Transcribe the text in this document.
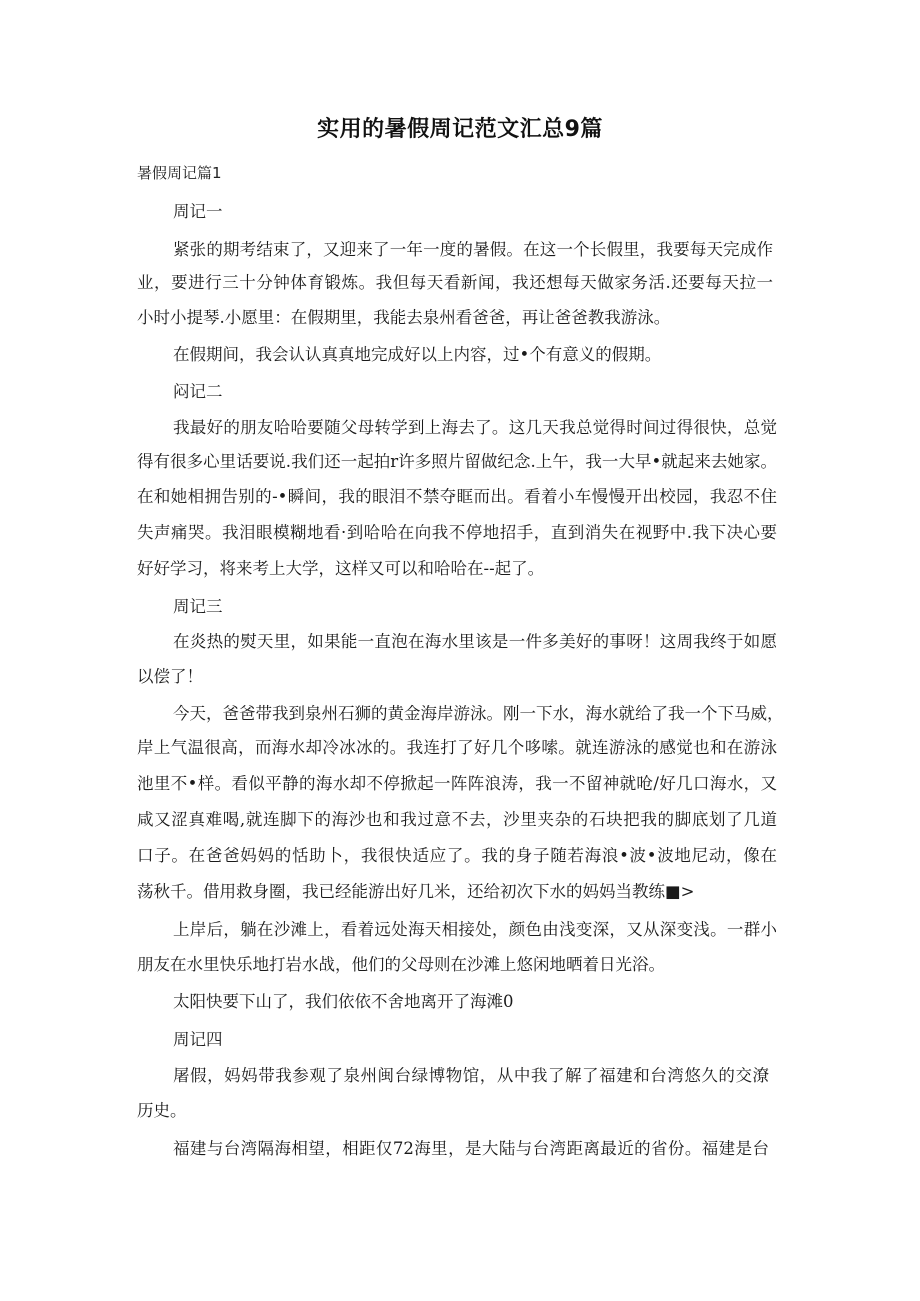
实用的暑假周记范文汇总9篇
暑假周记篇1
周记一
紧张的期考结束了，又迎来了一年一度的暑假。在这一个长假里，我要每天完成作
业，要进行三十分钟体育锻炼。我但每天看新闻，我还想每天做家务活.还要每天拉一
小时小提琴.小愿里：在假期里，我能去泉州看爸爸，再让爸爸教我游泳。
在假期间，我会认认真真地完成好以上内容，过•个有意义的假期。
闷记二
我最好的朋友哈哈要随父母转学到上海去了。这几天我总觉得时间过得很快，总觉
得有很多心里话要说.我们还一起拍r许多照片留做纪念.上午，我一大早•就起来去她家。
在和她相拥告别的-•瞬间，我的眼泪不禁夺眶而出。看着小车慢慢开出校园，我忍不住
失声痛哭。我泪眼模糊地看·到哈哈在向我不停地招手，直到消失在视野中.我下决心要
好好学习，将来考上大学，这样又可以和哈哈在--起了。
周记三
在炎热的熨天里，如果能一直泡在海水里该是一件多美好的事呀！这周我终于如愿
以偿了！
今天，爸爸带我到泉州石狮的黄金海岸游泳。刚一下水，海水就给了我一个下马威，
岸上气温很高，而海水却冷冰冰的。我连打了好几个哆嗦。就连游泳的感觉也和在游泳
池里不•样。看似平静的海水却不停掀起一阵阵浪涛，我一不留神就呛/好几口海水，又
咸又涩真难喝,就连脚下的海沙也和我过意不去，沙里夹杂的石块把我的脚底划了几道
口子。在爸爸妈妈的恬助卜，我很快适应了。我的身子随若海浪•波•波地尼动，像在
荡秋千。借用救身圈，我已经能游出好几米，还给初次下水的妈妈当教练■>
上岸后，躺在沙滩上，看着远处海天相接处，颜色由浅变深，又从深变浅。一群小
朋友在水里快乐地打岩水战，他们的父母则在沙滩上悠闲地晒着日光浴。
太阳快要下山了，我们依依不舍地离开了海滩0
周记四
屠假，妈妈带我参观了泉州闽台绿博物馆，从中我了解了福建和台湾悠久的交潦
历史。
福建与台湾隔海相望，相距仅72海里，是大陆与台湾距离最近的省份。福建是台
